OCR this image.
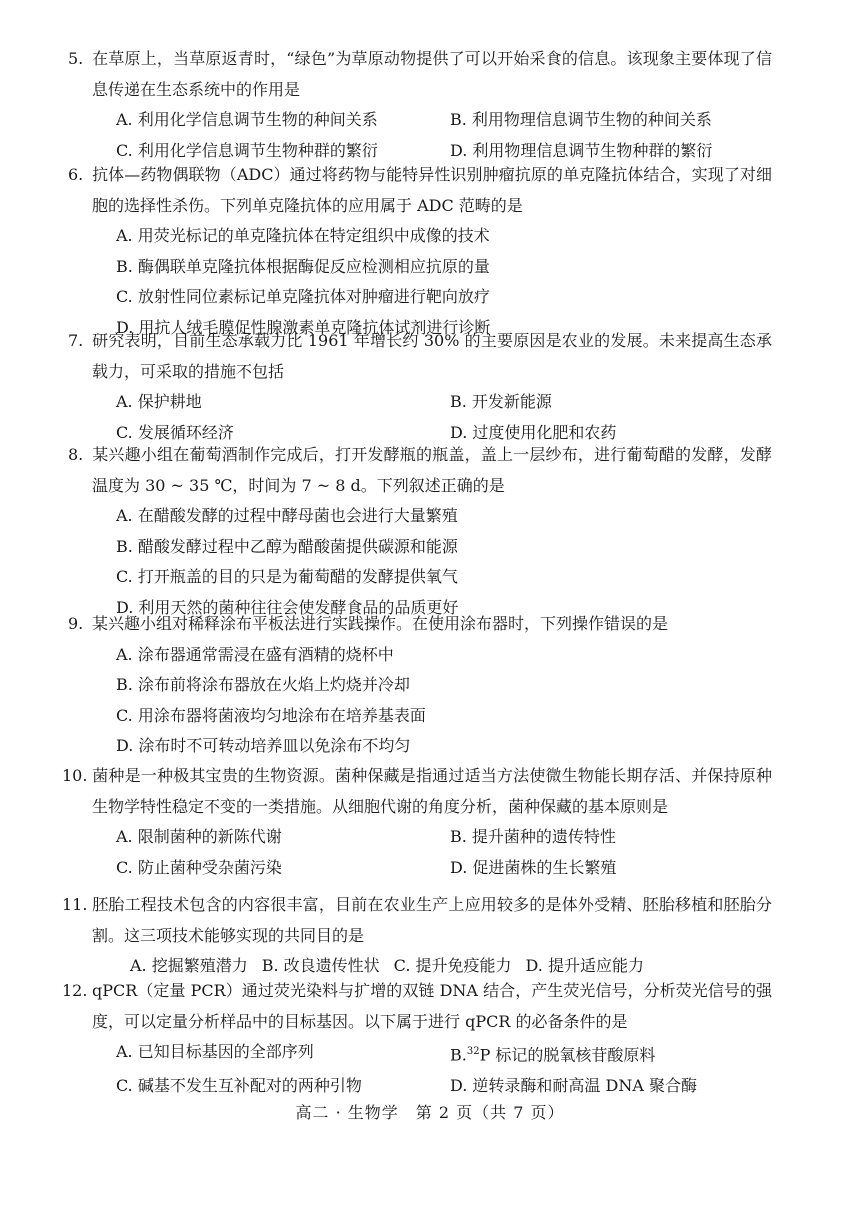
5. 在草原上，当草原返青时，“绿色”为草原动物提供了可以开始采食的信息。该现象主要体现了信息传递在生态系统中的作用是
A. 利用化学信息调节生物的种间关系	B. 利用物理信息调节生物的种间关系
C. 利用化学信息调节生物种群的繁衍	D. 利用物理信息调节生物种群的繁衍
6. 抗体—药物偶联物（ADC）通过将药物与能特异性识别肿瘤抗原的单克隆抗体结合，实现了对细胞的选择性杀伤。下列单克隆抗体的应用属于 ADC 范畴的是
A. 用荧光标记的单克隆抗体在特定组织中成像的技术
B. 酶偶联单克隆抗体根据酶促反应检测相应抗原的量
C. 放射性同位素标记单克隆抗体对肿瘤进行靶向放疗
D. 用抗人绒毛膜促性腺激素单克隆抗体试剂进行诊断
7. 研究表明，目前生态承载力比 1961 年增长约 30% 的主要原因是农业的发展。未来提高生态承载力，可采取的措施不包括
A. 保护耕地	B. 开发新能源
C. 发展循环经济	D. 过度使用化肥和农药
8. 某兴趣小组在葡萄酒制作完成后，打开发酵瓶的瓶盖，盖上一层纱布，进行葡萄醋的发酵，发酵温度为 30 ~ 35 ℃，时间为 7 ~ 8 d。下列叙述正确的是
A. 在醋酸发酵的过程中酵母菌也会进行大量繁殖
B. 醋酸发酵过程中乙醇为醋酸菌提供碳源和能源
C. 打开瓶盖的目的只是为葡萄醋的发酵提供氧气
D. 利用天然的菌种往往会使发酵食品的品质更好
9. 某兴趣小组对稀释涂布平板法进行实践操作。在使用涂布器时，下列操作错误的是
A. 涂布器通常需浸在盛有酒精的烧杯中
B. 涂布前将涂布器放在火焰上灼烧并冷却
C. 用涂布器将菌液均匀地涂布在培养基表面
D. 涂布时不可转动培养皿以免涂布不均匀
10. 菌种是一种极其宝贵的生物资源。菌种保藏是指通过适当方法使微生物能长期存活、并保持原种生物学特性稳定不变的一类措施。从细胞代谢的角度分析，菌种保藏的基本原则是
A. 限制菌种的新陈代谢	B. 提升菌种的遗传特性
C. 防止菌种受杂菌污染	D. 促进菌株的生长繁殖
11. 胚胎工程技术包含的内容很丰富，目前在农业生产上应用较多的是体外受精、胚胎移植和胚胎分割。这三项技术能够实现的共同目的是
A. 挖掘繁殖潜力 B. 改良遗传性状 C. 提升免疫能力 D. 提升适应能力
12. qPCR（定量 PCR）通过荧光染料与扩增的双链 DNA 结合，产生荧光信号，分析荧光信号的强度，可以定量分析样品中的目标基因。以下属于进行 qPCR 的必备条件的是
A. 已知目标基因的全部序列	B.$^{32}$P 标记的脱氧核苷酸原料
C. 碱基不发生互补配对的两种引物	D. 逆转录酶和耐高温 DNA 聚合酶
高二 · 生物学　第 2 页（共 7 页）
